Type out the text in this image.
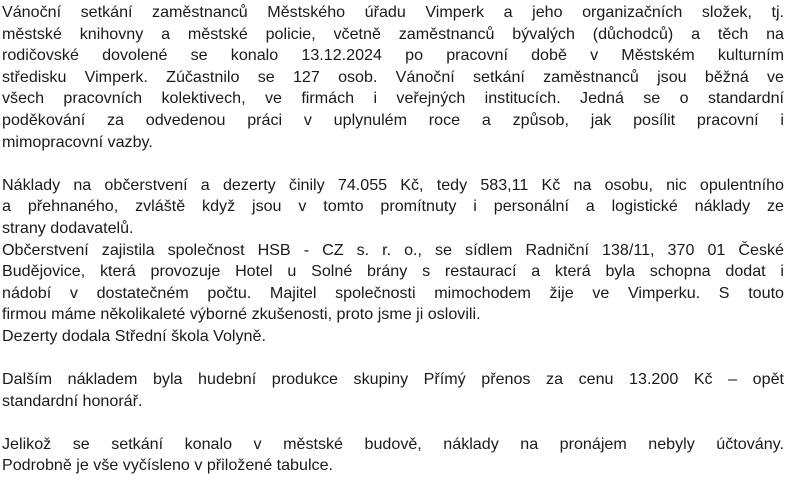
Vánoční setkání zaměstnanců Městského úřadu Vimperk a jeho organizačních složek, tj.
městské knihovny a městské policie, včetně zaměstnanců bývalých (důchodců) a těch na
rodičovské dovolené se konalo 13.12.2024 po pracovní době v Městském kulturním
středisku Vimperk. Zúčastnilo se 127 osob. Vánoční setkání zaměstnanců jsou běžná ve
všech pracovních kolektivech, ve firmách i veřejných institucích. Jedná se o standardní
poděkování za odvedenou práci v uplynulém roce a způsob, jak posílit pracovní i
mimopracovní vazby.

Náklady na občerstvení a dezerty činily 74.055 Kč, tedy 583,11 Kč na osobu, nic opulentního
a přehnaného, zvláště když jsou v tomto promítnuty i personální a logistické náklady ze
strany dodavatelů.

Občerstvení zajistila společnost HSB - CZ s. r. o., se sídlem Radniční 138/11, 370 01 České
Budějovice, která provozuje Hotel u Solné brány s restaurací a která byla schopna dodat i
nádobí v dostatečném počtu. Majitel společnosti mimochodem žije ve Vimperku. S touto
firmou máme několikaleté výborné zkušenosti, proto jsme ji oslovili.

Dezerty dodala Střední škola Volyně.

Dalším nákladem byla hudební produkce skupiny Přímý přenos za cenu 13.200 Kč – opět
standardní honorář.

Jelikož se setkání konalo v městské budově, náklady na pronájem nebyly účtovány.
Podrobně je vše vyčísleno v přiložené tabulce.
